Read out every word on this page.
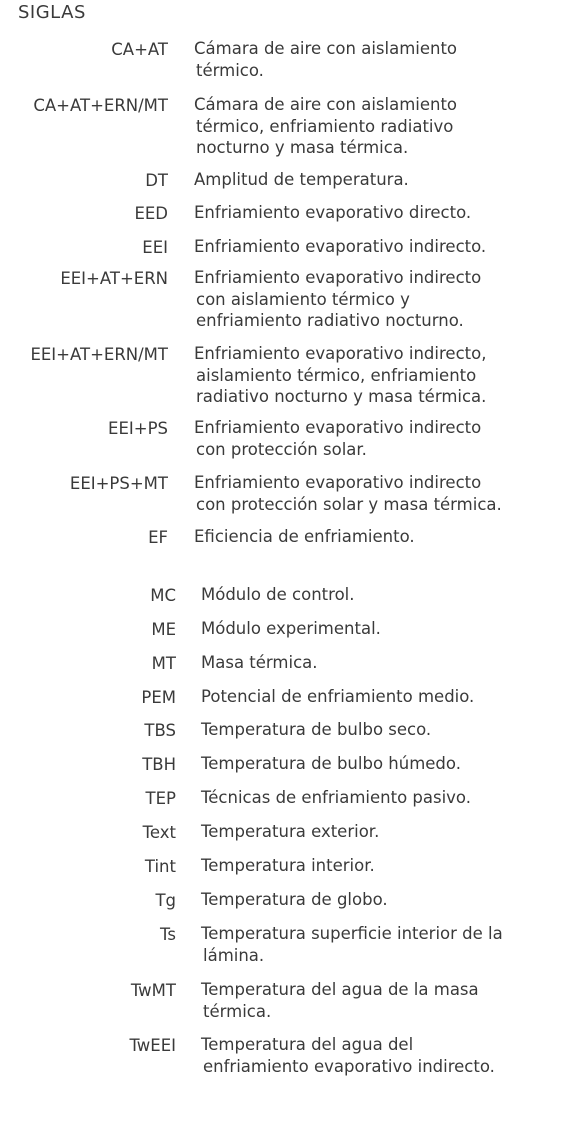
SIGLAS
CA+AT Cámara de aire con aislamiento
térmico.
CA+AT+ERN/MT Cámara de aire con aislamiento
térmico, enfriamiento radiativo
nocturno y masa térmica.
DT Amplitud de temperatura.
EED Enfriamiento evaporativo directo.
EEI Enfriamiento evaporativo indirecto.
EEI+AT+ERN Enfriamiento evaporativo indirecto
con aislamiento térmico y
enfriamiento radiativo nocturno.
EEI+AT+ERN/MT Enfriamiento evaporativo indirecto,
aislamiento térmico, enfriamiento
radiativo nocturno y masa térmica.
EEI+PS Enfriamiento evaporativo indirecto
con protección solar.
EEI+PS+MT Enfriamiento evaporativo indirecto
con protección solar y masa térmica.
EF Eficiencia de enfriamiento.
MC Módulo de control.
ME Módulo experimental.
MT Masa térmica.
PEM Potencial de enfriamiento medio.
TBS Temperatura de bulbo seco.
TBH Temperatura de bulbo húmedo.
TEP Técnicas de enfriamiento pasivo.
Text Temperatura exterior.
Tint Temperatura interior.
Tg Temperatura de globo.
Ts Temperatura superficie interior de la
lámina.
TwMT Temperatura del agua de la masa
térmica.
TwEEI Temperatura del agua del
enfriamiento evaporativo indirecto.
